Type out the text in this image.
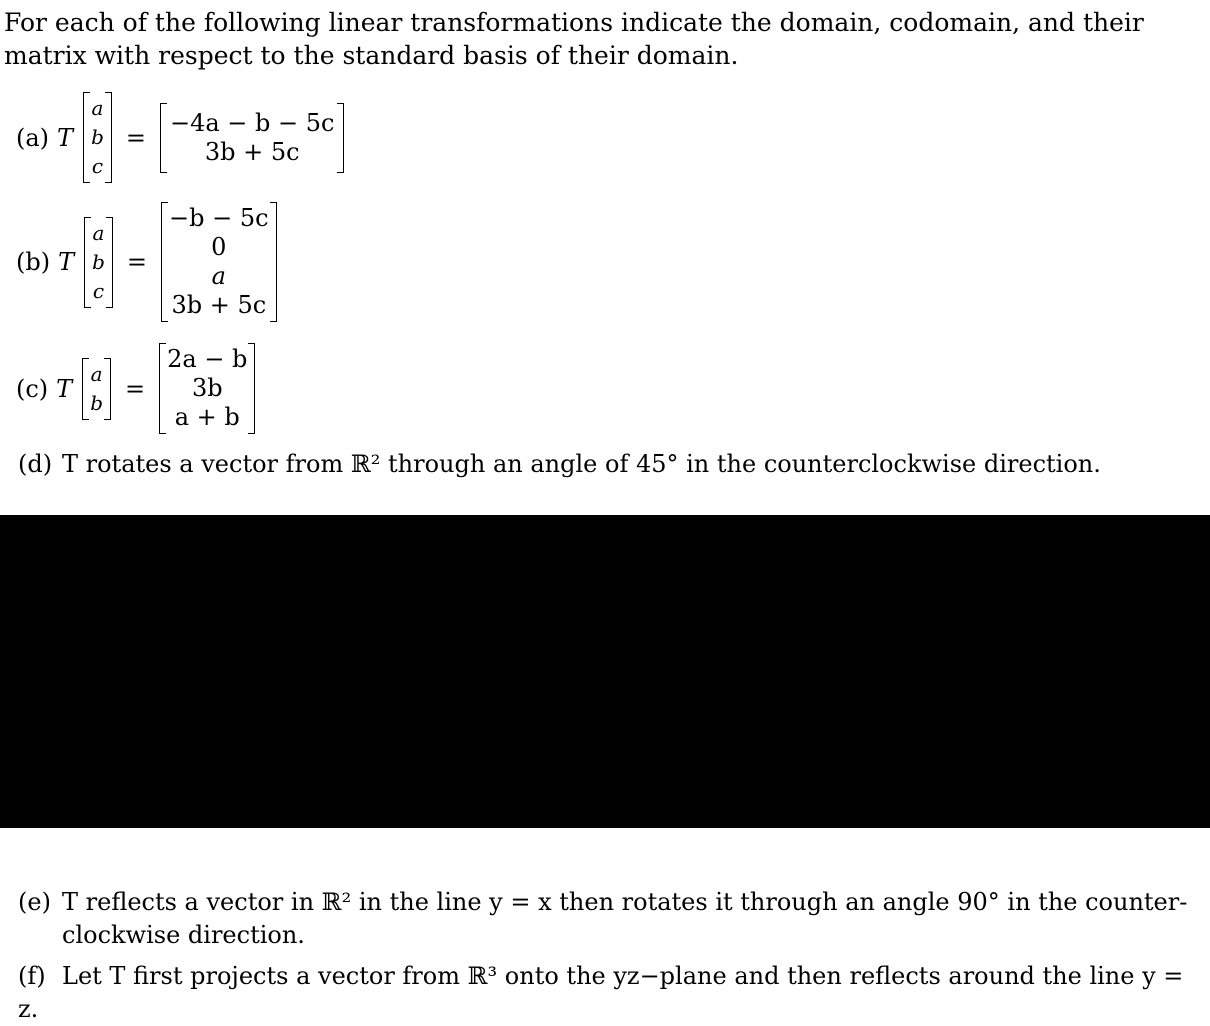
For each of the following linear transformations indicate the domain, codomain, and their matrix with respect to the standard basis of their domain.
(a) T
a
b
c
=
−4a − b − 5c
3b + 5c
(b) T
a
b
c
=
−b − 5c
0
a
3b + 5c
(c) T
a
b =
2a − b
3b
a + b
(d) T rotates a vector from ℝ² through an angle of 45° in the counterclockwise direction.
(e) T reflects a vector in ℝ² in the line y = x then rotates it through an angle 90° in the counter-
clockwise direction.
(f) Let T first projects a vector from ℝ³ onto the yz−plane and then reflects around the line y = z.
